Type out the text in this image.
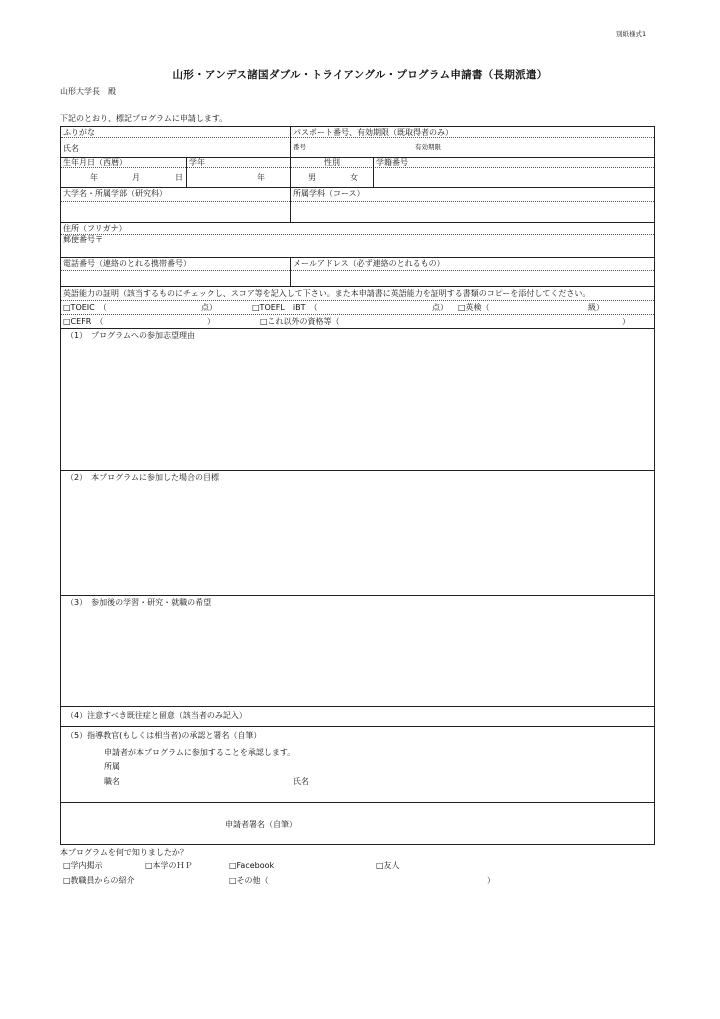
別紙様式1
山形・アンデス諸国ダブル・トライアングル・プログラム申請書（長期派遣）
山形大学長　殿
下記のとおり、標記プログラムに申請します。
ふりがな	パスポート番号、有効期限（既取得者のみ）
氏名	番号	有効期限
生年月日（西暦）	学年	性別	学籍番号
年	月	日	年	男	女
大学名・所属学部（研究科）	所属学科（コース）
住所（フリガナ）
郵便番号〒
電話番号（連絡のとれる携帯番号）	メールアドレス（必ず連絡のとれるもの）
英語能力の証明（該当するものにチェックし、スコア等を記入して下さい。また本申請書に英語能力を証明する書類のコピーを添付してください。
□TOEIC　（	点）	□TOEFL　iBT　（	点） □英検（	級）
□CEFR　（	）	□これ以外の資格等（	）
（1）　プログラムへの参加志望理由
（2）　本プログラムに参加した場合の目標
（3）　参加後の学習・研究・就職の希望
（4）注意すべき既往症と留意（該当者のみ記入）
（5）指導教官(もしくは相当者)の承認と署名（自筆）
申請者が本プログラムに参加することを承認します。
所属
職名	氏名
申請者署名（自筆）
本プログラムを何で知りましたか？
□学内掲示	□本学のＨＰ	□Facebook	□友人
□教職員からの紹介	□その他（	）
